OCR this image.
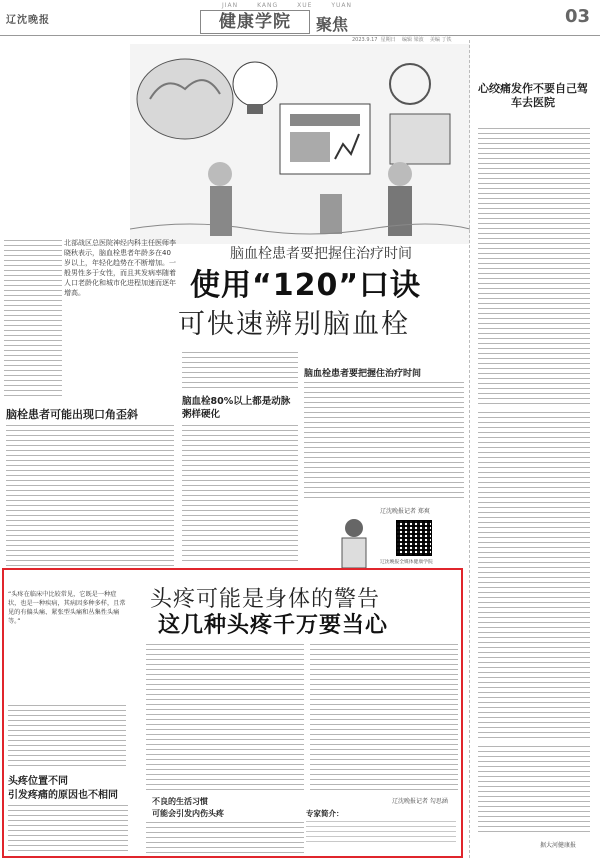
辽沈晚报
JIAN	KANG	XUE	YUAN
健康学院	聚焦	03
2023.9.17  星期日    编辑 梁波    美编 丁铁
脑血栓患者要把握住治疗时间
使用“120”口诀
可快速辨别脑血栓
北部战区总医院神经内科主任医师李晓秋表示，脑血栓患者年龄多在40岁以上，年轻化趋势在不断增加。一般男性多于女性，而且其发病率随着人口老龄化和城市化进程加速而逐年增高。
脑栓患者可能出现口角歪斜
脑血栓80%以上都是动脉粥样硬化
脑血栓患者要把握住治疗时间
辽沈晚报记者 郑爽
辽沈晚报全媒体健康学院
“头疼在临床中比较常见，它既是一种症状，也是一种疾病，其病因多种多样，且常见的有偏头痛、紧张型头痛和丛集性头痛等。”
头疼可能是身体的警告
这几种头疼千万要当心
不良的生活习惯
可能会引发内伤头疼
辽沈晚报记者 勾思涵
专家简介：
头疼位置不同
引发疼痛的原因也不相同
心绞痛发作不要自己驾车去医院
据大河健康报
